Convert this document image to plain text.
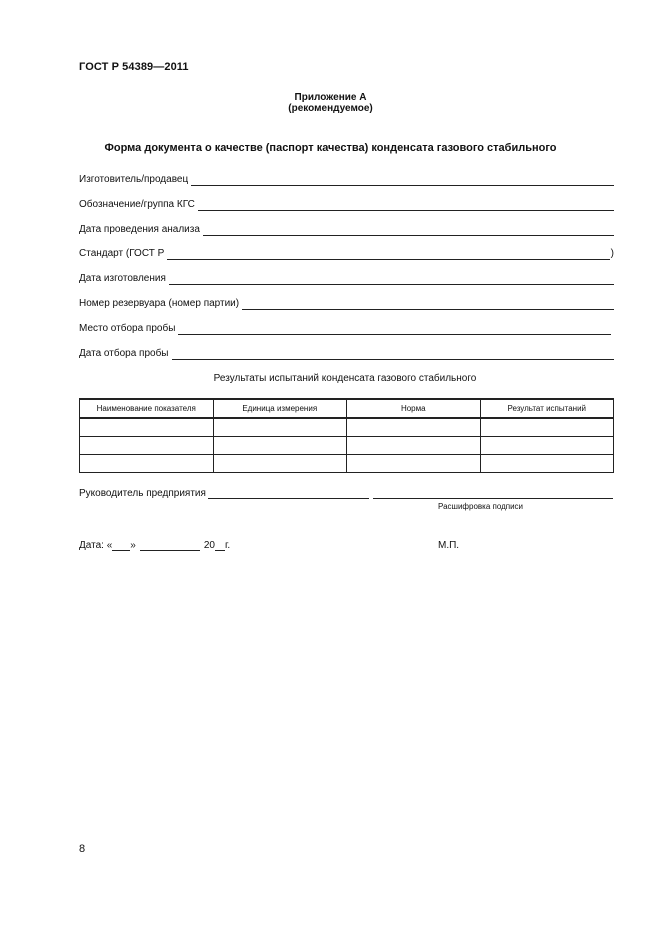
ГОСТ Р 54389—2011
Приложение А
(рекомендуемое)
Форма документа о качестве (паспорт качества) конденсата газового стабильного
Изготовитель/продавец
Обозначение/группа КГС
Дата проведения анализа
Стандарт (ГОСТ Р	)
Дата изготовления
Номер резервуара (номер партии)
Место отбора пробы
Дата отбора пробы
Результаты испытаний конденсата газового стабильного
Наименование показателя	Единица измерения	Норма	Результат испытаний

Руководитель предприятия
Расшифровка подписи
Дата: « »	20 г.	М.П.
8
